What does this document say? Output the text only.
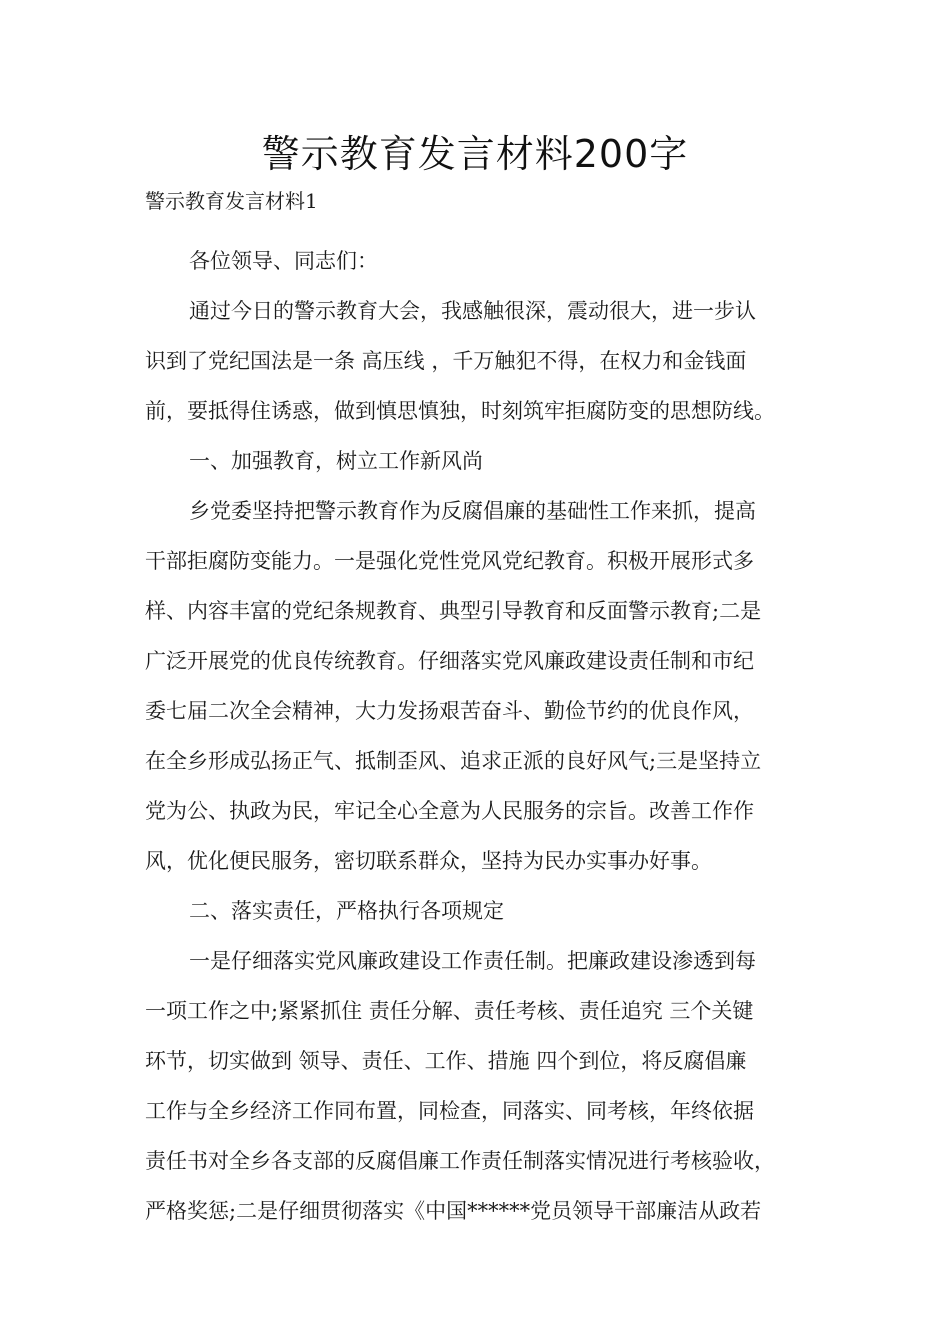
警示教育发言材料200字

警示教育发言材料1

各位领导、同志们：

通过今日的警示教育大会，我感触很深，震动很大，进一步认

识到了党纪国法是一条 高压线 ，千万触犯不得，在权力和金钱面

前，要抵得住诱惑，做到慎思慎独，时刻筑牢拒腐防变的思想防线。

一、加强教育，树立工作新风尚

乡党委坚持把警示教育作为反腐倡廉的基础性工作来抓，提高

干部拒腐防变能力。一是强化党性党风党纪教育。积极开展形式多

样、内容丰富的党纪条规教育、典型引导教育和反面警示教育;二是

广泛开展党的优良传统教育。仔细落实党风廉政建设责任制和市纪

委七届二次全会精神，大力发扬艰苦奋斗、勤俭节约的优良作风，

在全乡形成弘扬正气、抵制歪风、追求正派的良好风气;三是坚持立

党为公、执政为民，牢记全心全意为人民服务的宗旨。改善工作作

风，优化便民服务，密切联系群众，坚持为民办实事办好事。

二、落实责任，严格执行各项规定

一是仔细落实党风廉政建设工作责任制。把廉政建设渗透到每

一项工作之中;紧紧抓住 责任分解、责任考核、责任追究 三个关键

环节，切实做到 领导、责任、工作、措施 四个到位，将反腐倡廉

工作与全乡经济工作同布置，同检查，同落实、同考核，年终依据

责任书对全乡各支部的反腐倡廉工作责任制落实情况进行考核验收，

严格奖惩;二是仔细贯彻落实《中国******党员领导干部廉洁从政若
